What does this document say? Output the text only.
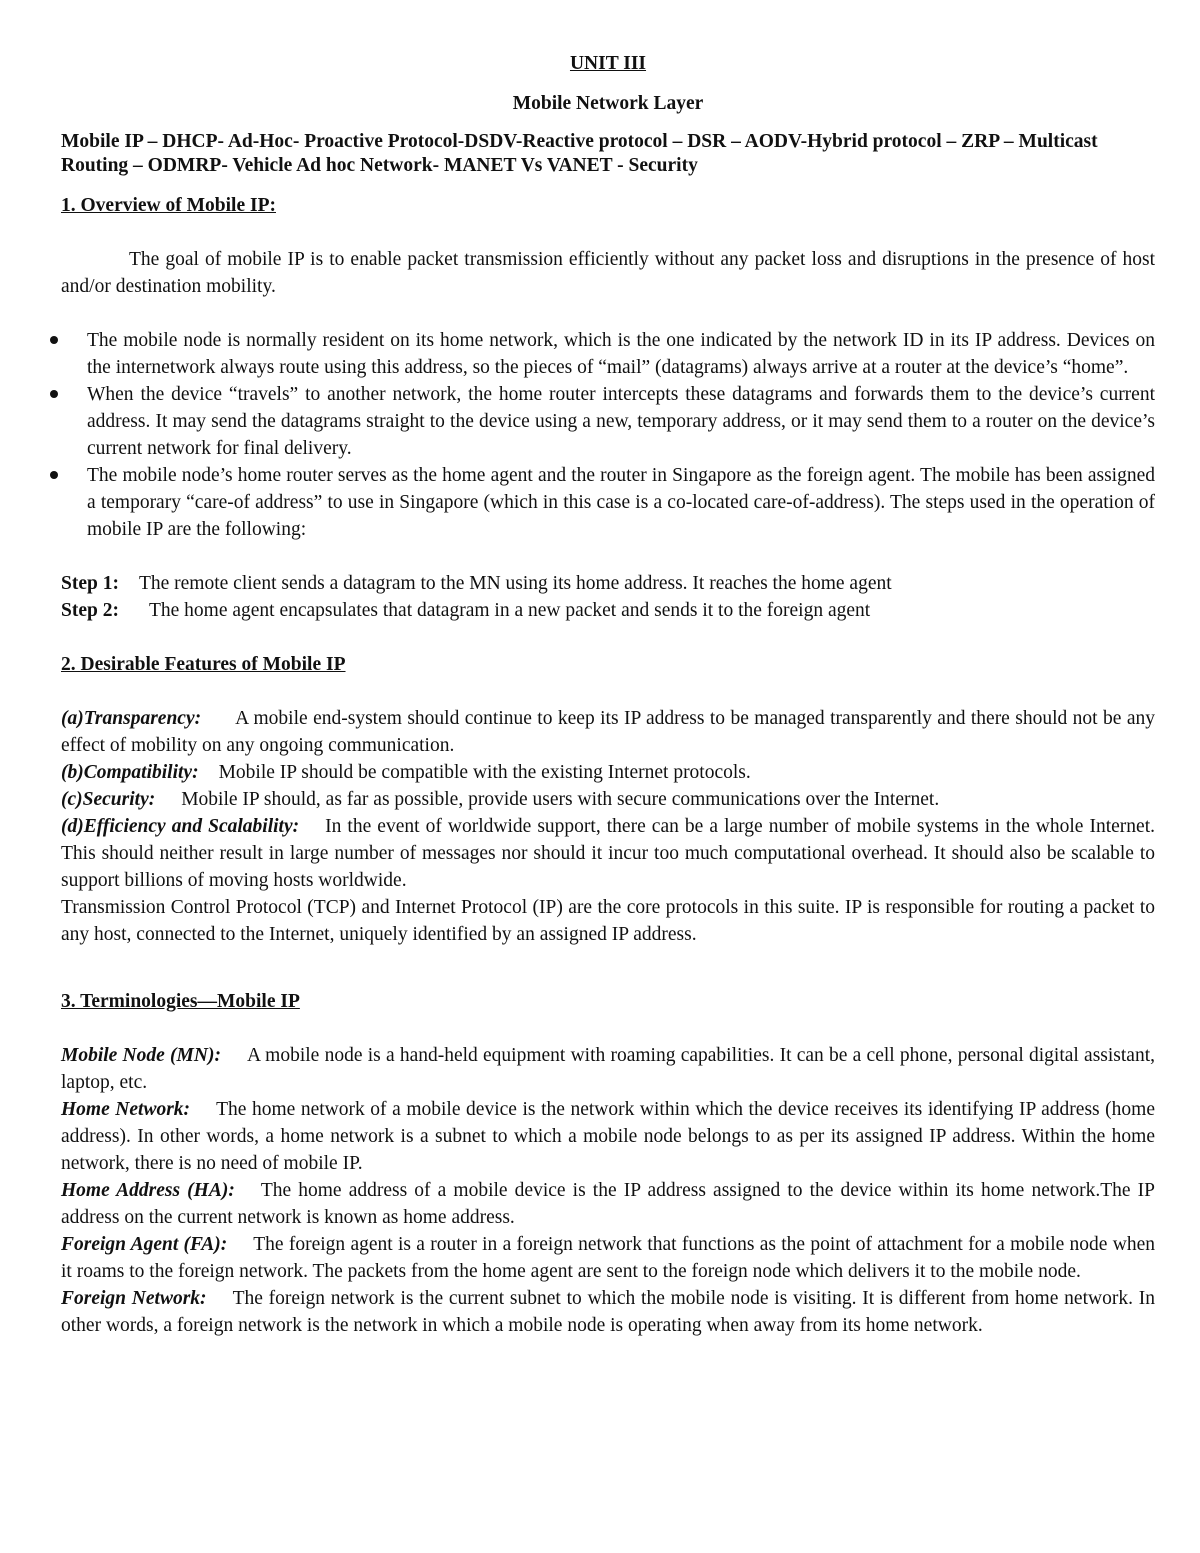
UNIT III

Mobile Network Layer

Mobile IP – DHCP- Ad-Hoc- Proactive Protocol-DSDV-Reactive protocol – DSR – AODV-Hybrid protocol – ZRP – Multicast Routing – ODMRP- Vehicle Ad hoc Network- MANET Vs VANET - Security

1. Overview of Mobile IP:

The goal of mobile IP is to enable packet transmission efficiently without any packet loss and disruptions in the presence of host and/or destination mobility.

The mobile node is normally resident on its home network, which is the one indicated by the network ID in its IP address. Devices on the internetwork always route using this address, so the pieces of “mail” (datagrams) always arrive at a router at the device’s “home”.
When the device “travels” to another network, the home router intercepts these datagrams and forwards them to the device’s current address. It may send the datagrams straight to the device using a new, temporary address, or it may send them to a router on the device’s current network for final delivery.
The mobile node’s home router serves as the home agent and the router in Singapore as the foreign agent. The mobile has been assigned a temporary “care-of address” to use in Singapore (which in this case is a co-located care-of-address). The steps used in the operation of mobile IP are the following:

Step 1: The remote client sends a datagram to the MN using its home address. It reaches the home agent

Step 2: The home agent encapsulates that datagram in a new packet and sends it to the foreign agent

2. Desirable Features of Mobile IP

(a)Transparency: A mobile end-system should continue to keep its IP address to be managed transparently and there should not be any effect of mobility on any ongoing communication.

(b)Compatibility: Mobile IP should be compatible with the existing Internet protocols.

(c)Security: Mobile IP should, as far as possible, provide users with secure communications over the Internet.

(d)Efficiency and Scalability: In the event of worldwide support, there can be a large number of mobile systems in the whole Internet. This should neither result in large number of messages nor should it incur too much computational overhead. It should also be scalable to support billions of moving hosts worldwide.

Transmission Control Protocol (TCP) and Internet Protocol (IP) are the core protocols in this suite. IP is responsible for routing a packet to any host, connected to the Internet, uniquely identified by an assigned IP address.

3. Terminologies—Mobile IP

Mobile Node (MN): A mobile node is a hand-held equipment with roaming capabilities. It can be a cell phone, personal digital assistant, laptop, etc.

Home Network: The home network of a mobile device is the network within which the device receives its identifying IP address (home address). In other words, a home network is a subnet to which a mobile node belongs to as per its assigned IP address. Within the home network, there is no need of mobile IP.

Home Address (HA): The home address of a mobile device is the IP address assigned to the device within its home network.The IP address on the current network is known as home address.

Foreign Agent (FA): The foreign agent is a router in a foreign network that functions as the point of attachment for a mobile node when it roams to the foreign network. The packets from the home agent are sent to the foreign node which delivers it to the mobile node.

Foreign Network: The foreign network is the current subnet to which the mobile node is visiting. It is different from home network. In other words, a foreign network is the network in which a mobile node is operating when away from its home network.
